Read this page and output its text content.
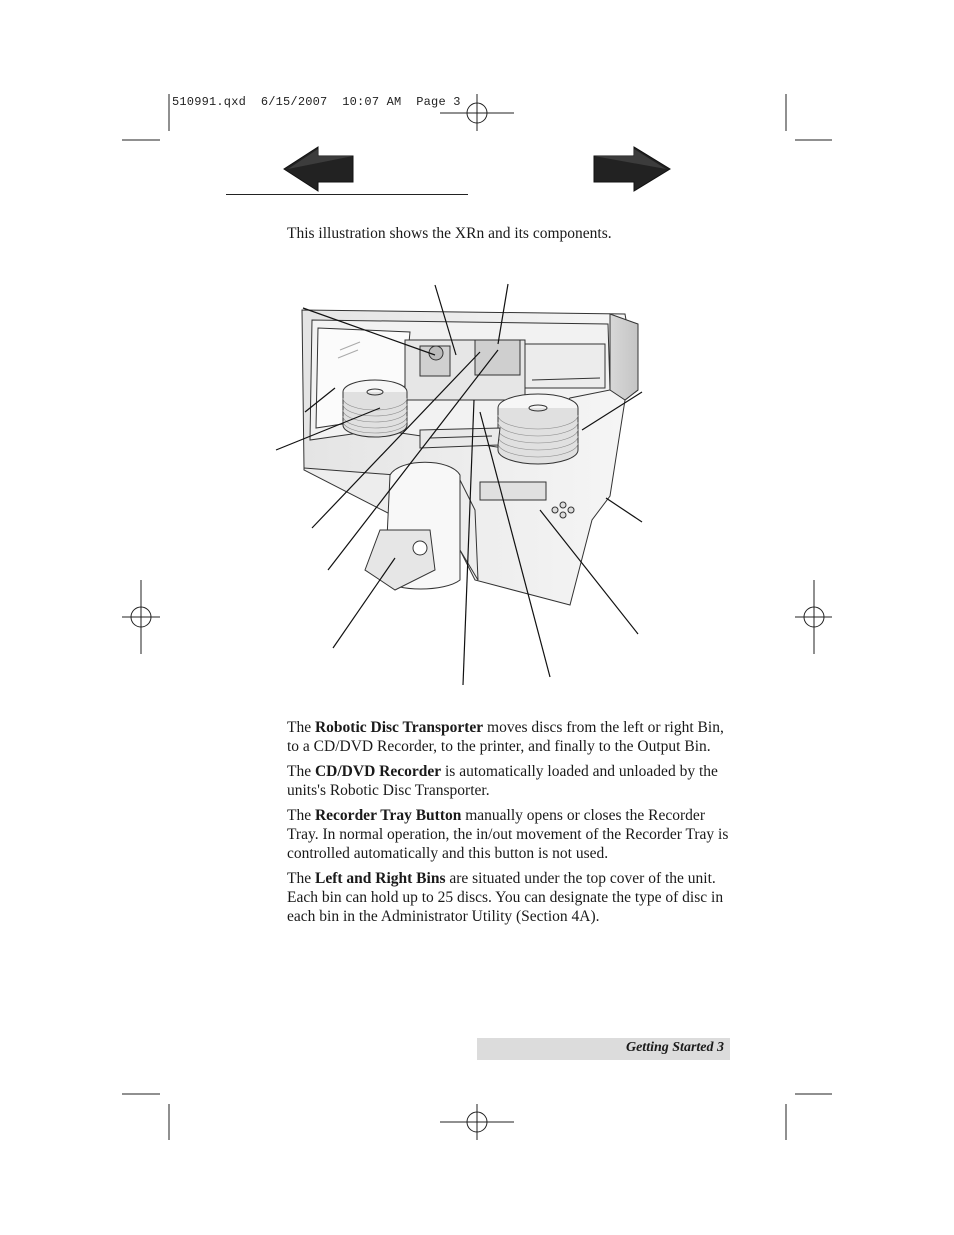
510991.qxd  6/15/2007  10:07 AM  Page 3
This illustration shows the XRn and its components.

The Robotic Disc Transporter moves discs from the left or right Bin, to a CD/DVD Recorder, to the printer, and finally to the Output Bin.

The CD/DVD Recorder is automatically loaded and unloaded by the units's Robotic Disc Transporter.

The Recorder Tray Button manually opens or closes the Recorder Tray. In normal operation, the in/out movement of the Recorder Tray is controlled automatically and this button is not used.

The Left and Right Bins are situated under the top cover of the unit. Each bin can hold up to 25 discs. You can designate the type of disc in each bin in the Administrator Utility (Section 4A).

Getting Started 3
